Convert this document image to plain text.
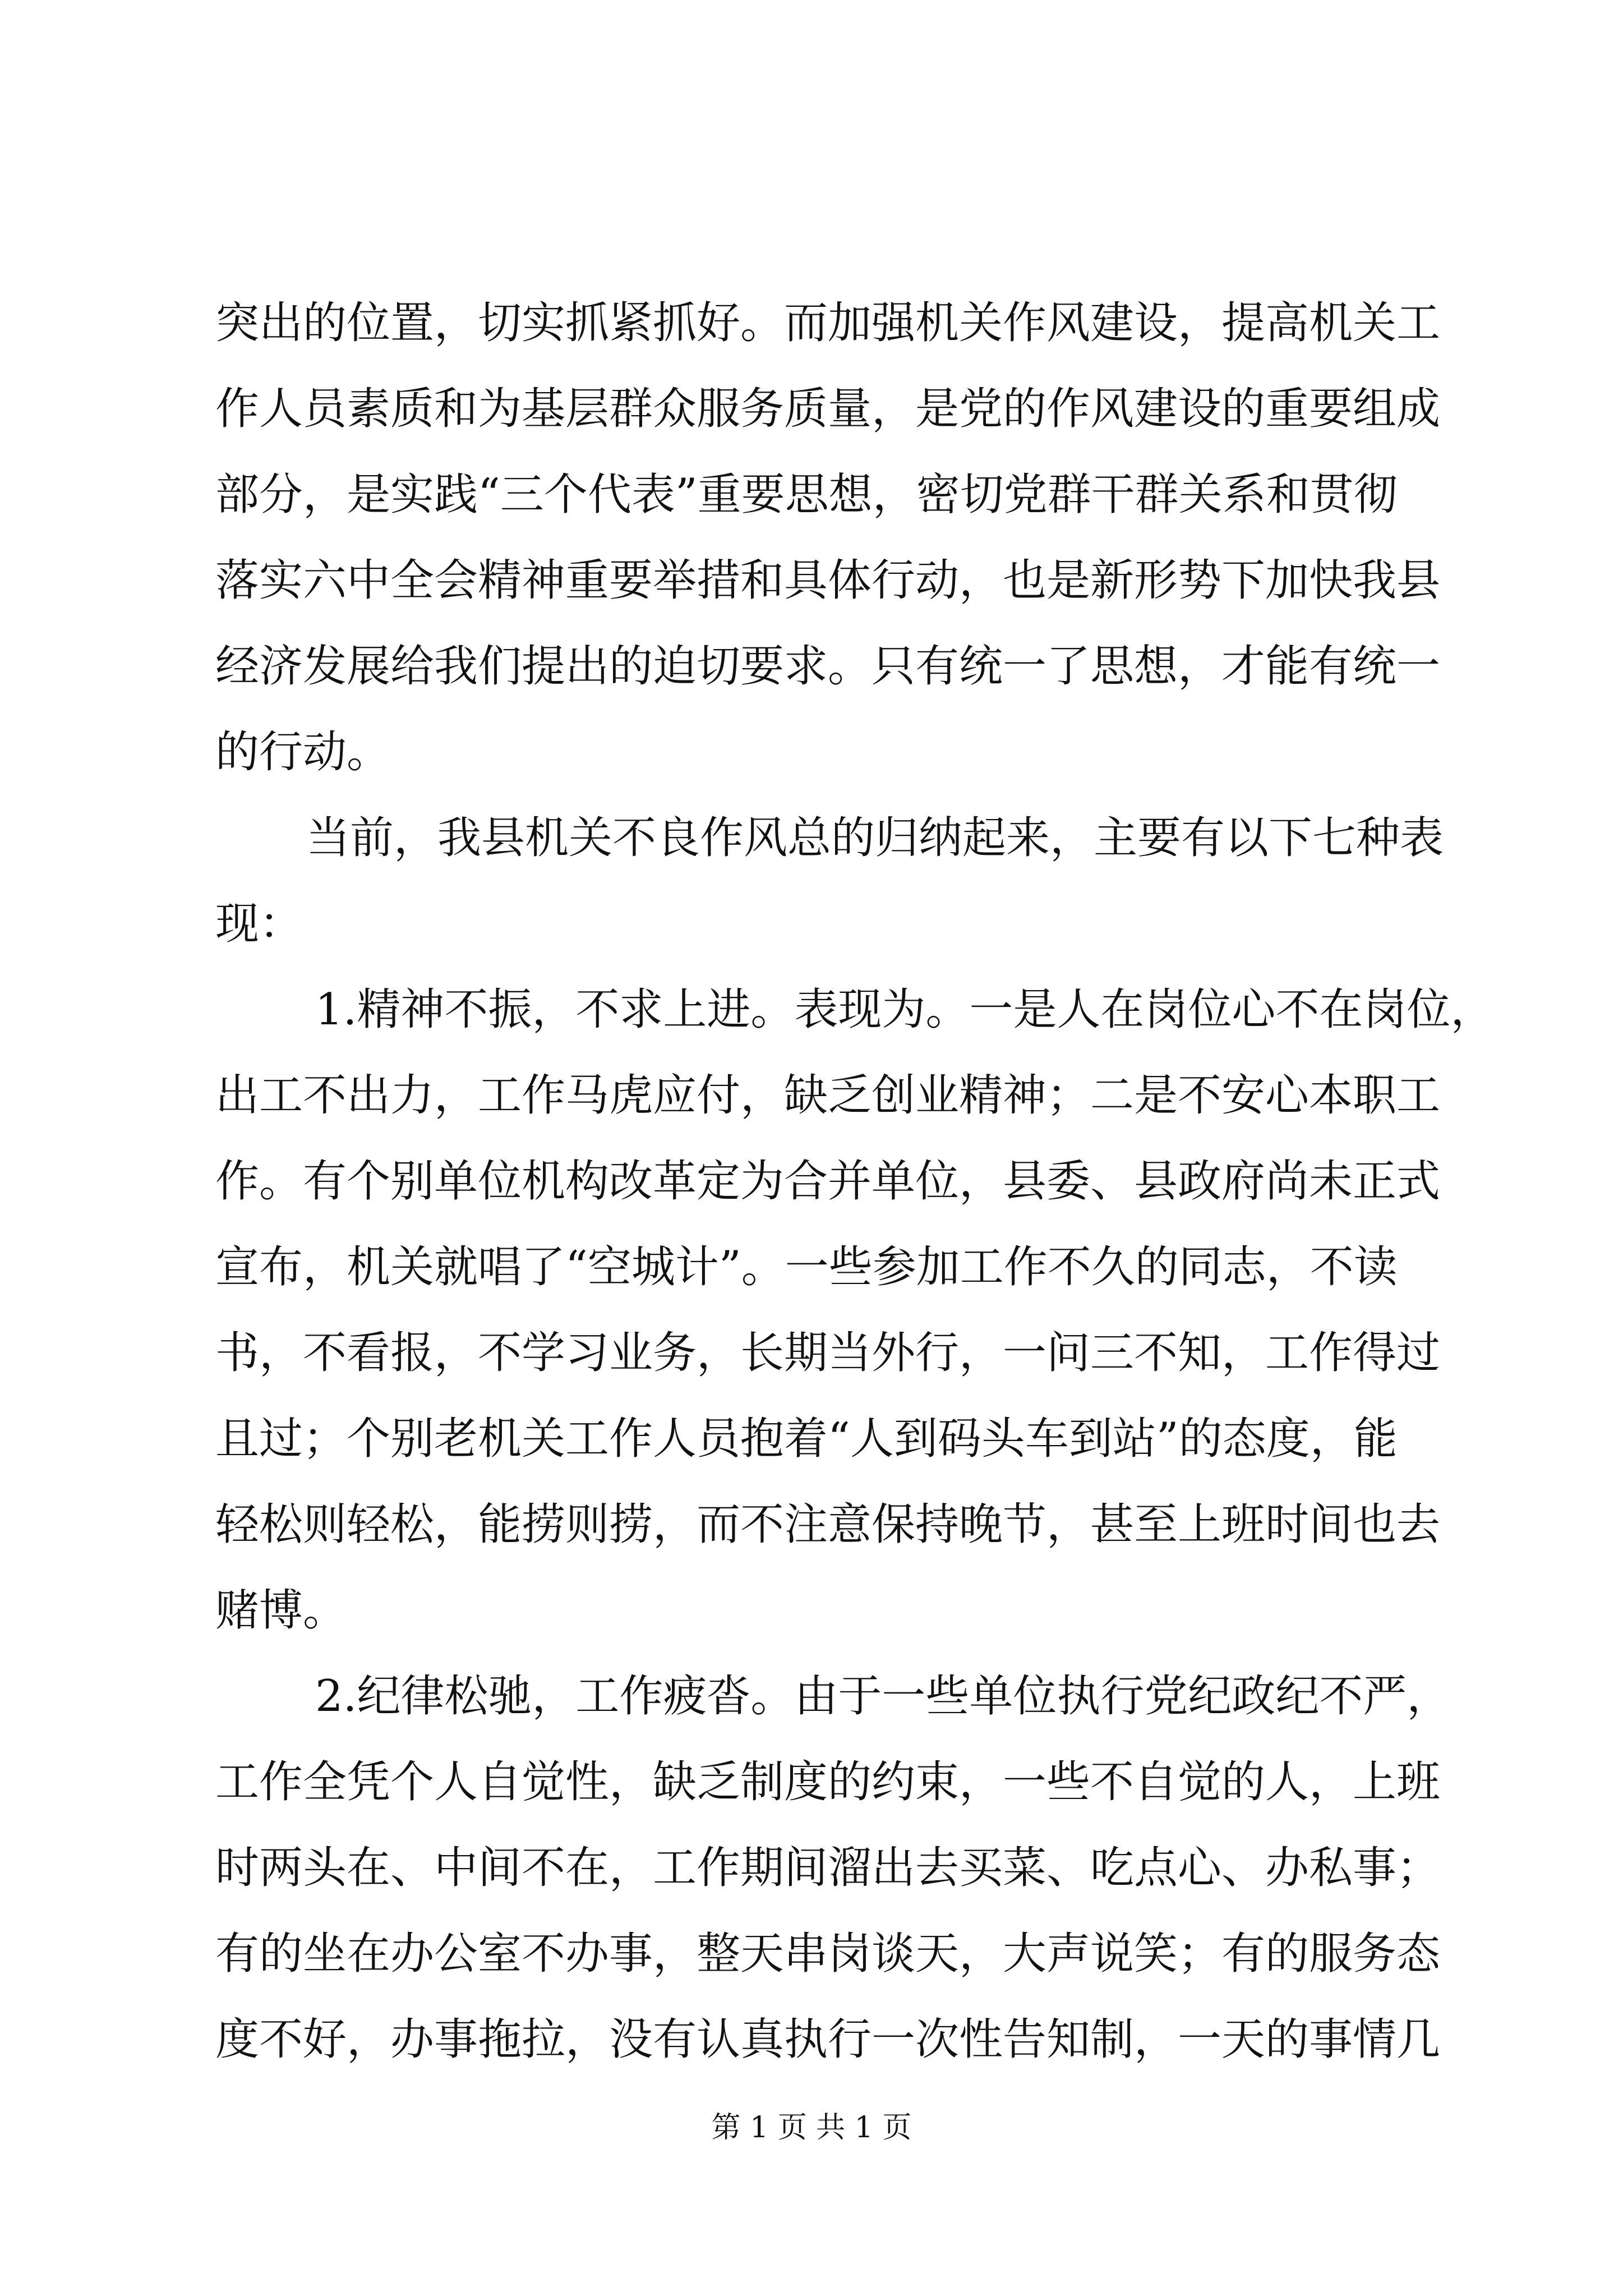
突出的位置，切实抓紧抓好。而加强机关作风建设，提高机关工
作人员素质和为基层群众服务质量，是党的作风建设的重要组成
部分，是实践“三个代表”重要思想，密切党群干群关系和贯彻
落实六中全会精神重要举措和具体行动，也是新形势下加快我县
经济发展给我们提出的迫切要求。只有统一了思想，才能有统一
的行动。
当前，我县机关不良作风总的归纳起来，主要有以下七种表
现：
1.精神不振，不求上进。表现为。一是人在岗位心不在岗位，
出工不出力，工作马虎应付，缺乏创业精神；二是不安心本职工
作。有个别单位机构改革定为合并单位，县委、县政府尚未正式
宣布，机关就唱了“空城计”。一些参加工作不久的同志，不读
书，不看报，不学习业务，长期当外行，一问三不知，工作得过
且过；个别老机关工作人员抱着“人到码头车到站”的态度，能
轻松则轻松，能捞则捞，而不注意保持晚节，甚至上班时间也去
赌博。
2.纪律松驰，工作疲沓。由于一些单位执行党纪政纪不严，
工作全凭个人自觉性，缺乏制度的约束，一些不自觉的人，上班
时两头在、中间不在，工作期间溜出去买菜、吃点心、办私事；
有的坐在办公室不办事，整天串岗谈天，大声说笑；有的服务态
度不好，办事拖拉，没有认真执行一次性告知制，一天的事情几
第 1 页 共 1 页
